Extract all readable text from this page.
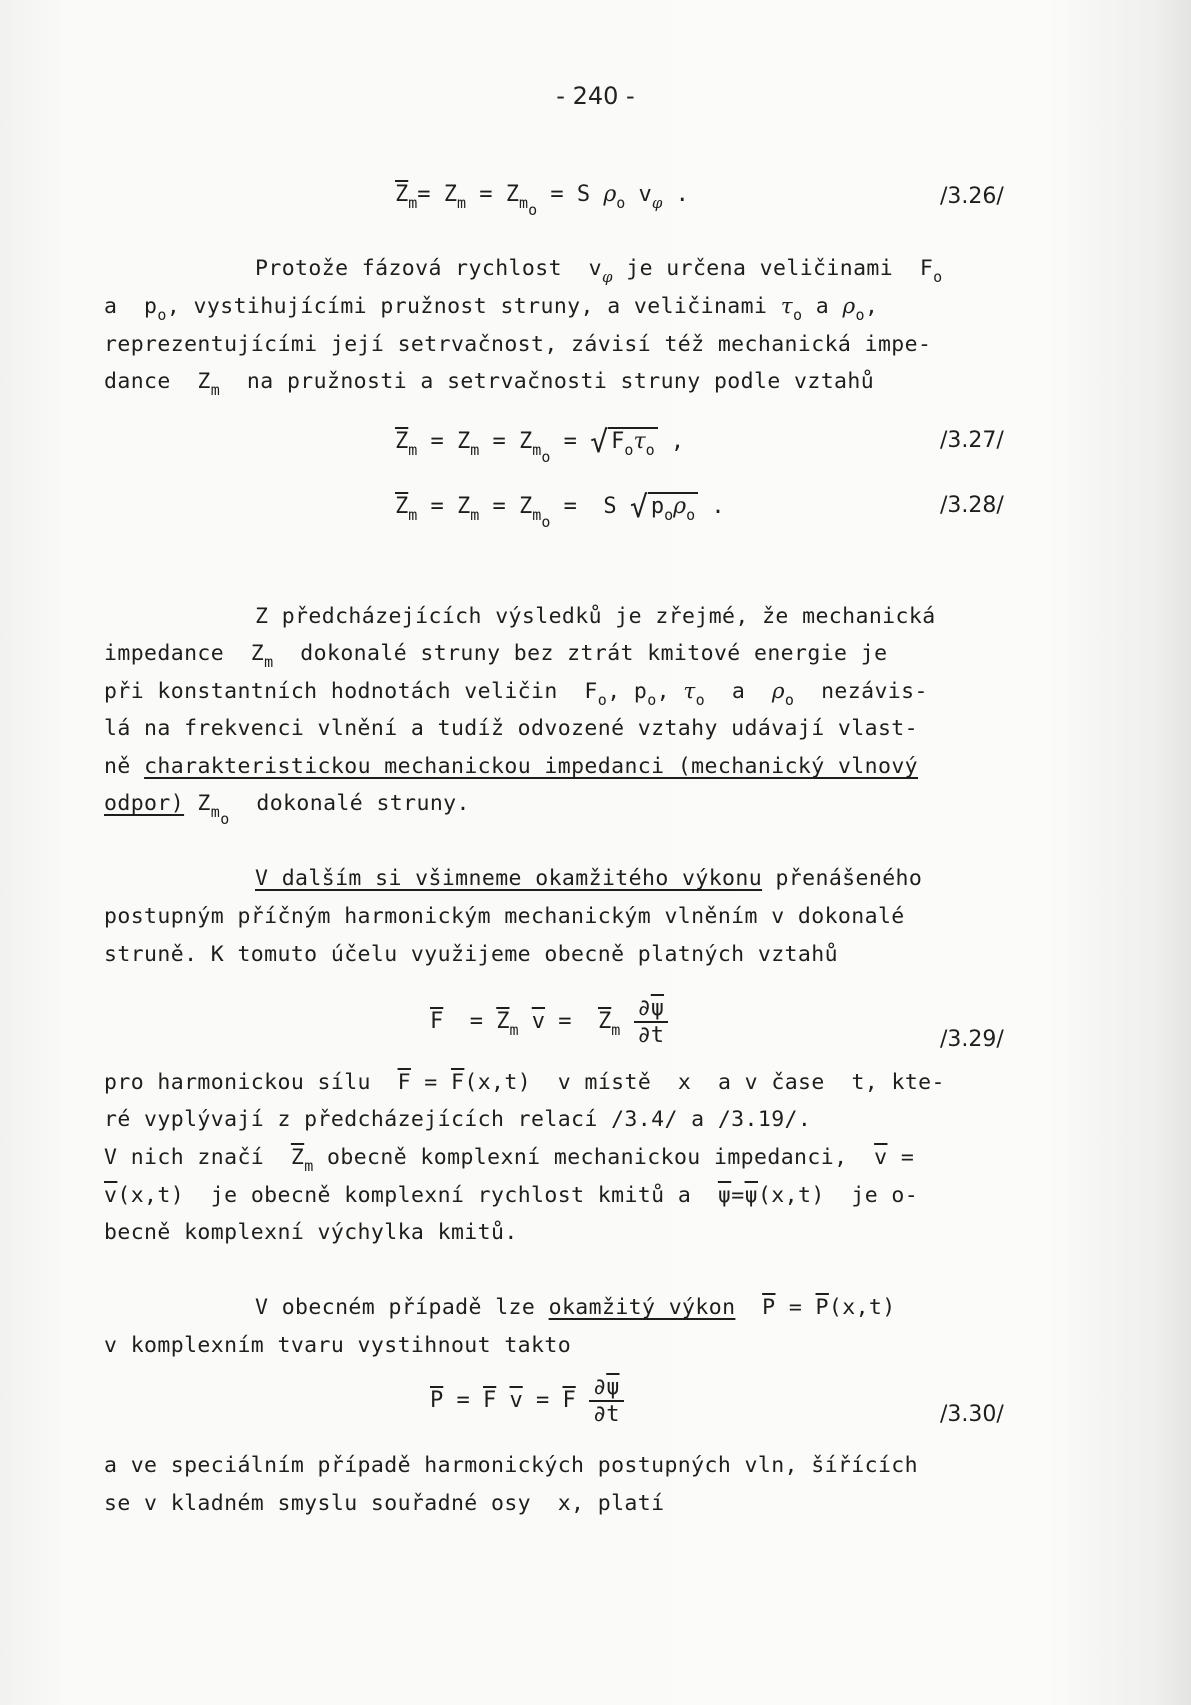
- 240 -
$\overline{Z}_m= Z_m = Z_{m_o} = S$ $\rho_o$ $v_\varphi$ .	/3.26/
Protože fázová rychlost  $v_\varphi$ je určena veličinami  $F_o$
a  $p_o$, vystihujícími pružnost struny, a veličinami $\tau_o$ a $\rho_o$,
reprezentujícími její setrvačnost, závisí též mechanická impe-
dance  $Z_m$ na pružnosti a setrvačnosti struny podle vztahů
$\overline{Z}_m = Z_m = Z_{m_o}$ = √ $F_o\tau_o$ ,	/3.27/
$\overline{Z}_m = Z_m = Z_{m_o} = S$ √ $p_o\rho_o$ .	/3.28/
Z předcházejících výsledků je zřejmé, že mechanická
impedance  $Z_m$ dokonalé struny bez ztrát kmitové energie je
při konstantních hodnotách veličin  $F_o$, $p_o$, $\tau_o$ a $\rho_o$ nezávis-
lá na frekvenci vlnění a tudíž odvozené vztahy udávají vlast-
ně charakteristickou mechanickou impedanci (mechanický vlnový
odpor) $Z_{m_o}$  dokonalé struny.
V dalším si všimneme okamžitého výkonu přenášeného
postupným příčným harmonickým mechanickým vlněním v dokonalé
struně. K tomuto účelu využijeme obecně platných vztahů
$\overline{F} = \overline{Z}_m$ $\overline{v} = \overline{Z}_m \frac{\partial\overline{\psi}}{\partial t}$	/3.29/
pro harmonickou sílu $\overline{F} = \overline{F}(x,t)$  v místě x a v čase t, kte-
ré vyplývají z předcházejících relací /3.4/ a /3.19/.
V nich značí $\overline{Z}_m$ obecně komplexní mechanickou impedanci, $\overline{v}$ =
$\overline{v}(x,t)$  je obecně komplexní rychlost kmitů a $\overline{\psi}=\overline{\psi}(x,t)$  je o-
becně komplexní výchylka kmitů.
V obecném případě lze okamžitý výkon $\overline{P} = \overline{P}(x,t)$
v komplexním tvaru vystihnout takto
$\overline{P} = \overline{F}$ $\overline{v} = \overline{F} \frac{\partial\overline{\psi}}{\partial t}$	/3.30/
a ve speciálním případě harmonických postupných vln, šířících
se v kladném smyslu souřadné osy  x, platí
